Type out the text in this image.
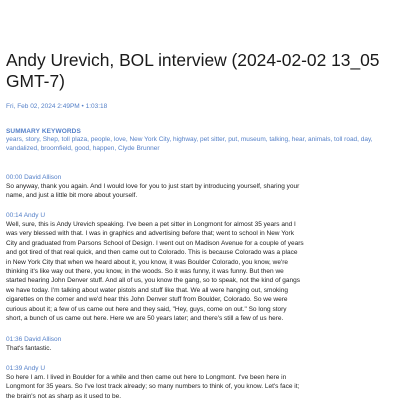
Andy Urevich, BOL interview (2024-02-02 13_05 GMT-7)
Fri, Feb 02, 2024 2:49PM • 1:03:18
SUMMARY KEYWORDS
years, story, Shep, toll plaza, people, love, New York City, highway, pet sitter, put, museum, talking, hear, animals, toll road, day, vandalized, broomfield, good, happen, Clyde Brunner
00:00 David Allison
So anyway, thank you again. And I would love for you to just start by introducing yourself, sharing your
name, and just a little bit more about yourself.
00:14 Andy U
Well, sure, this is Andy Urevich speaking. I've been a pet sitter in Longmont for almost 35 years and I
was very blessed with that. I was in graphics and advertising before that; went to school in New York
City and graduated from Parsons School of Design. I went out on Madison Avenue for a couple of years
and got tired of that real quick, and then came out to Colorado. This is because Colorado was a place
in New York City that when we heard about it, you know, it was Boulder Colorado, you know, we're
thinking it's like way out there, you know, in the woods. So it was funny, it was funny. But then we
started hearing John Denver stuff. And all of us, you know the gang, so to speak, not the kind of gangs
we have today. I'm talking about water pistols and stuff like that. We all were hanging out, smoking
cigarettes on the corner and we'd hear this John Denver stuff from Boulder, Colorado. So we were
curious about it; a few of us came out here and they said, "Hey, guys, come on out." So long story
short, a bunch of us came out here. Here we are 50 years later; and there's still a few of us here.
01:36 David Allison
That's fantastic.
01:39 Andy U
So here I am. I lived in Boulder for a while and then came out here to Longmont. I've been here in
Longmont for 35 years. So I've lost track already; so many numbers to think of, you know. Let's face it;
the brain's not as sharp as it used to be.
